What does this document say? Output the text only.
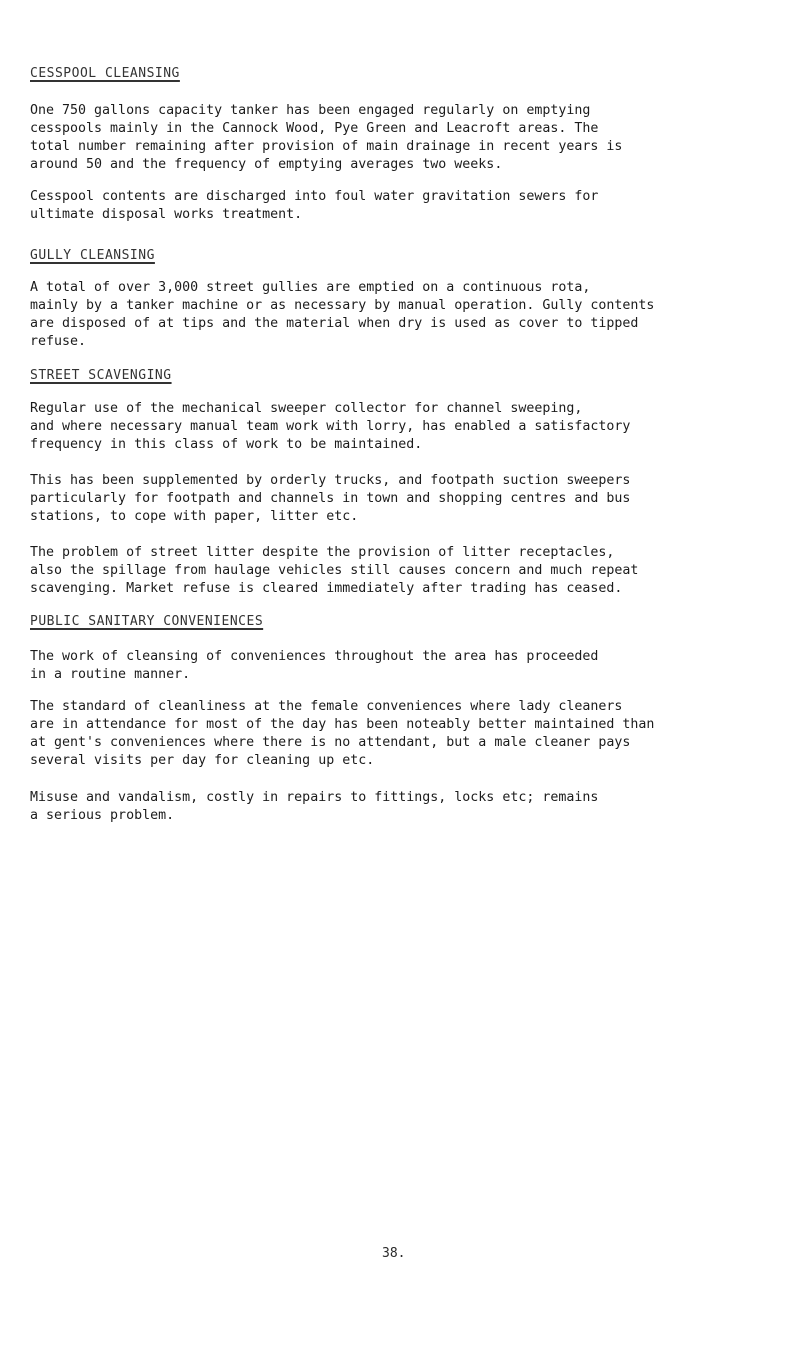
CESSPOOL CLEANSING

One 750 gallons capacity tanker has been engaged regularly on emptying
cesspools mainly in the Cannock Wood, Pye Green and Leacroft areas. The
total number remaining after provision of main drainage in recent years is
around 50 and the frequency of emptying averages two weeks.

Cesspool contents are discharged into foul water gravitation sewers for
ultimate disposal works treatment.

GULLY CLEANSING

A total of over 3,000 street gullies are emptied on a continuous rota,
mainly by a tanker machine or as necessary by manual operation. Gully contents
are disposed of at tips and the material when dry is used as cover to tipped
refuse.

STREET SCAVENGING

Regular use of the mechanical sweeper collector for channel sweeping,
and where necessary manual team work with lorry, has enabled a satisfactory
frequency in this class of work to be maintained.

This has been supplemented by orderly trucks, and footpath suction sweepers
particularly for footpath and channels in town and shopping centres and bus
stations, to cope with paper, litter etc.

The problem of street litter despite the provision of litter receptacles,
also the spillage from haulage vehicles still causes concern and much repeat
scavenging. Market refuse is cleared immediately after trading has ceased.

PUBLIC SANITARY CONVENIENCES

The work of cleansing of conveniences throughout the area has proceeded
in a routine manner.

The standard of cleanliness at the female conveniences where lady cleaners
are in attendance for most of the day has been noteably better maintained than
at gent's conveniences where there is no attendant, but a male cleaner pays
several visits per day for cleaning up etc.

Misuse and vandalism, costly in repairs to fittings, locks etc; remains
a serious problem.

38.
